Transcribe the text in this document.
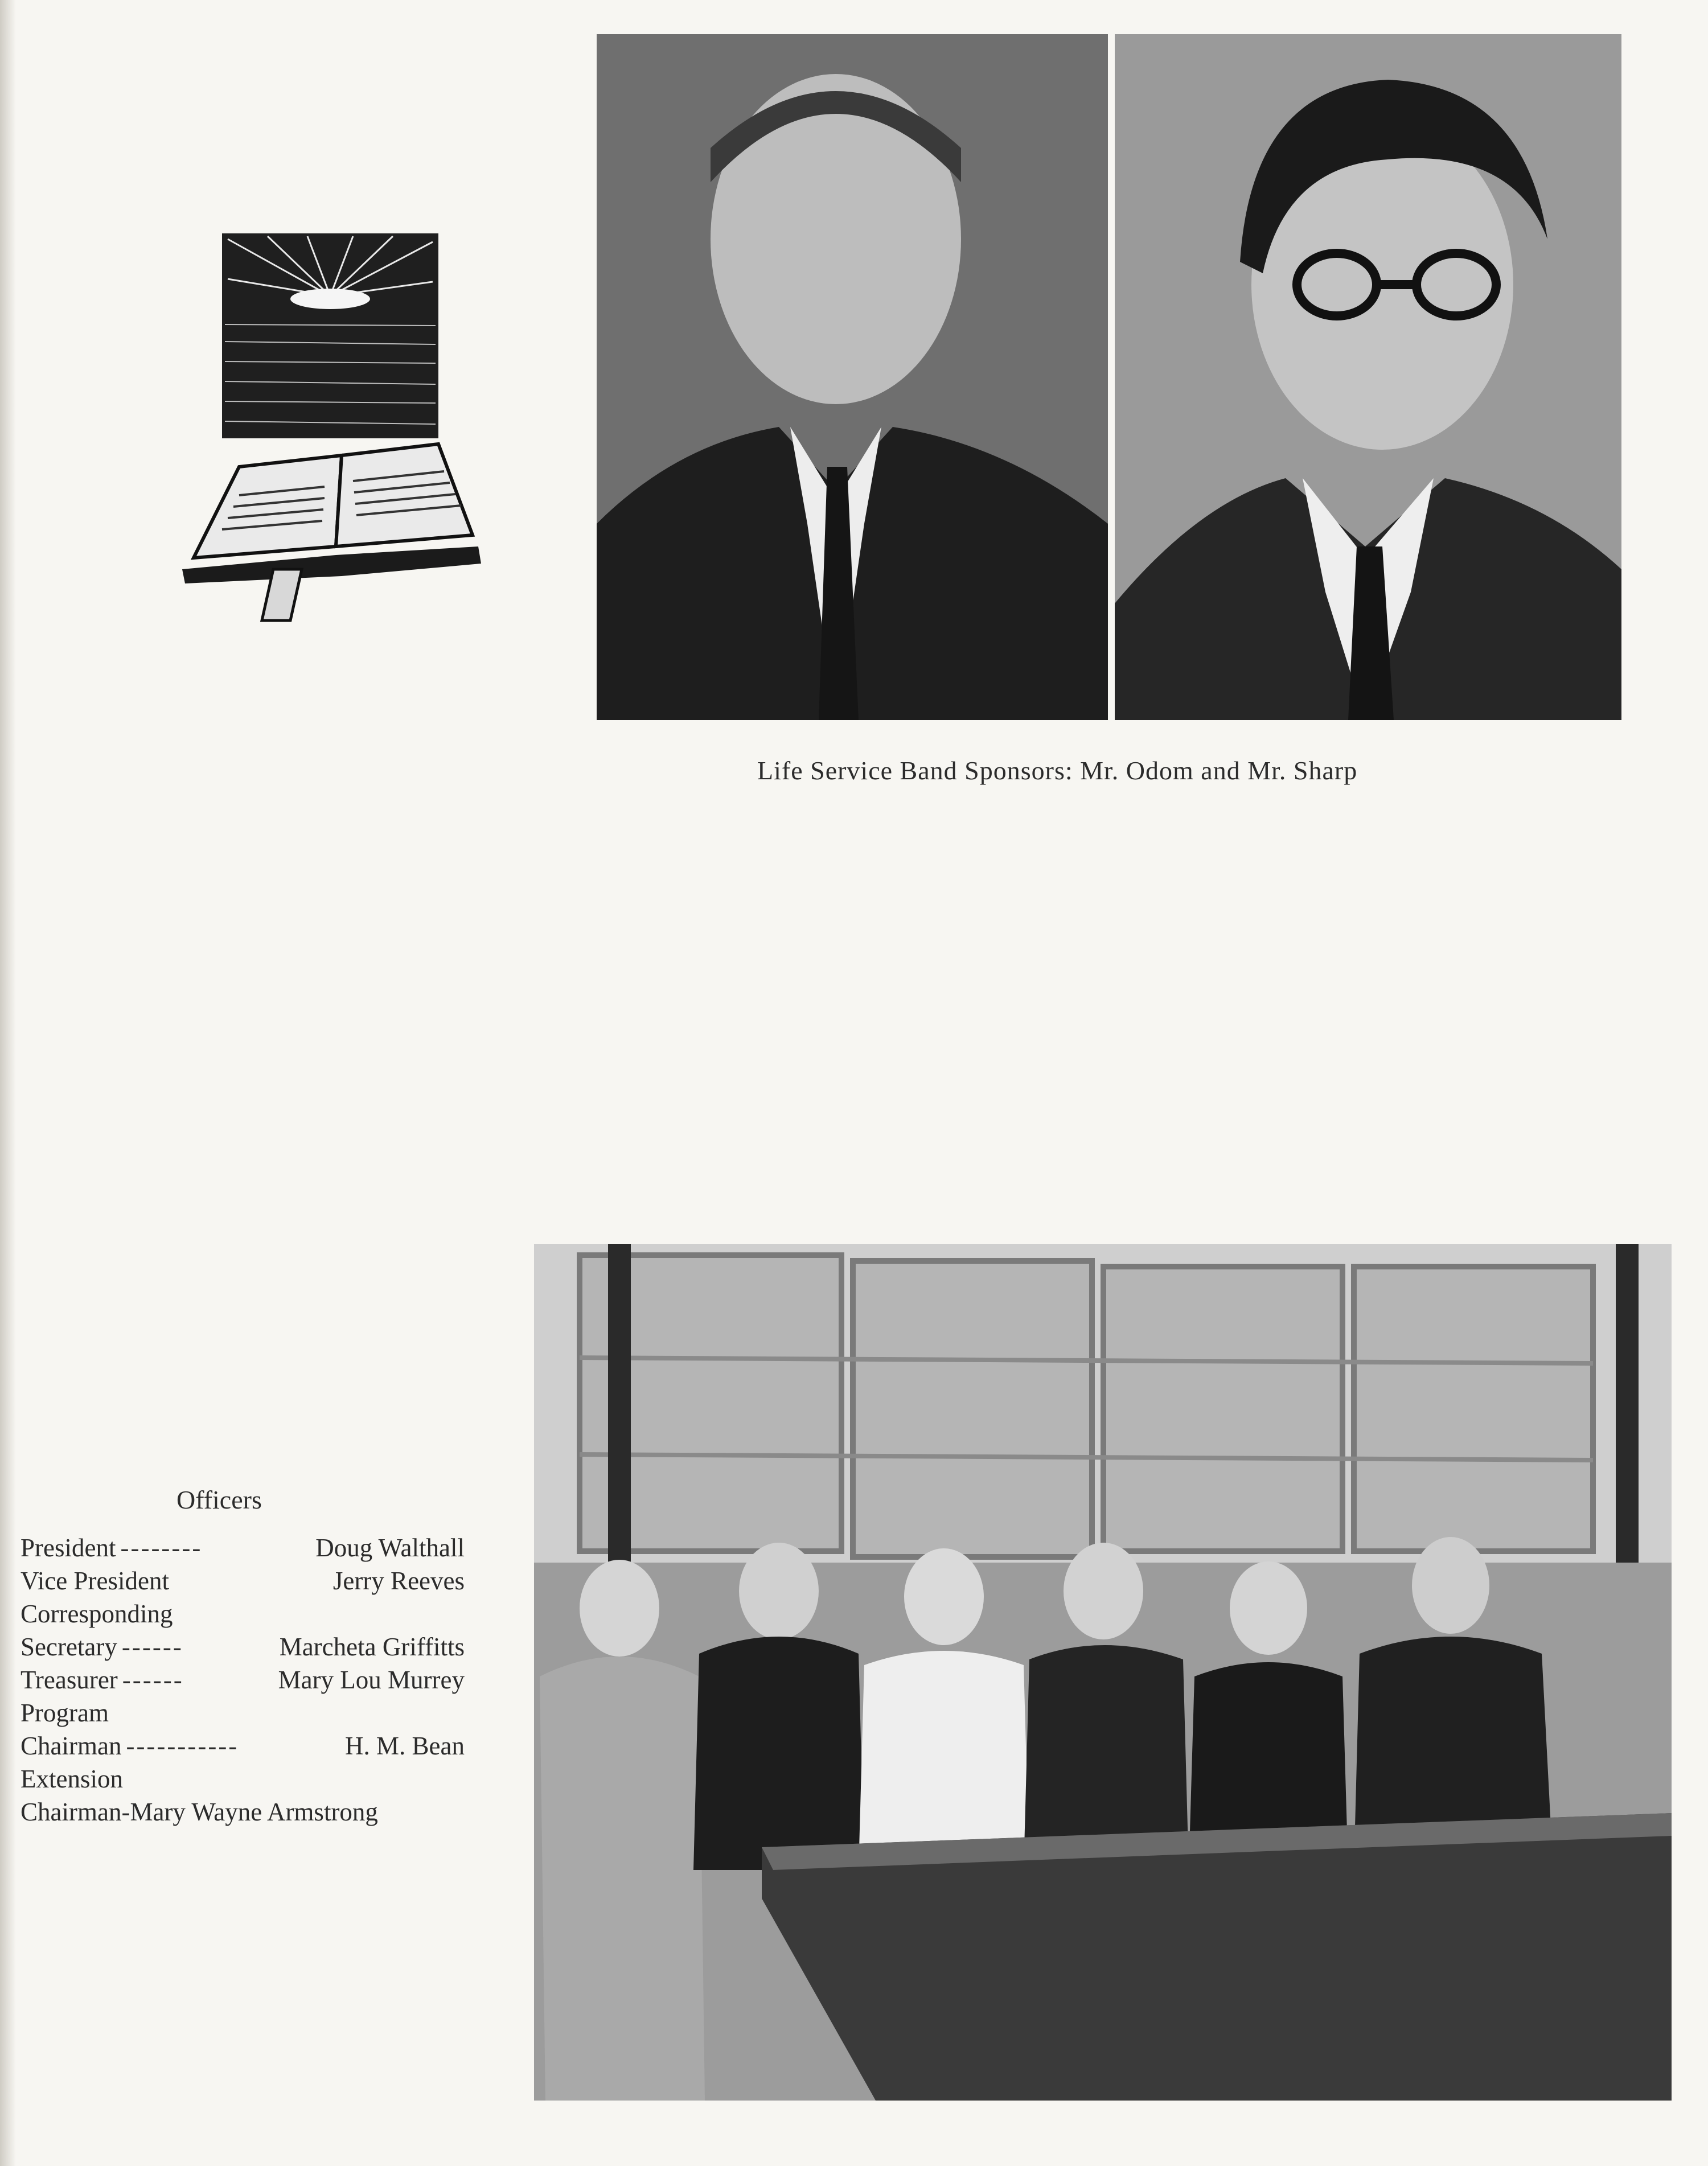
Life Service Band Sponsors: Mr. Odom and Mr. Sharp
Officers
President --------	Doug Walthall
Vice President	Jerry Reeves
Corresponding
Secretary ------	Marcheta Griffitts
Treasurer ------	Mary Lou Murrey
Program
Chairman -----------	H. M. Bean
Extension
Chairman - Mary Wayne Armstrong
